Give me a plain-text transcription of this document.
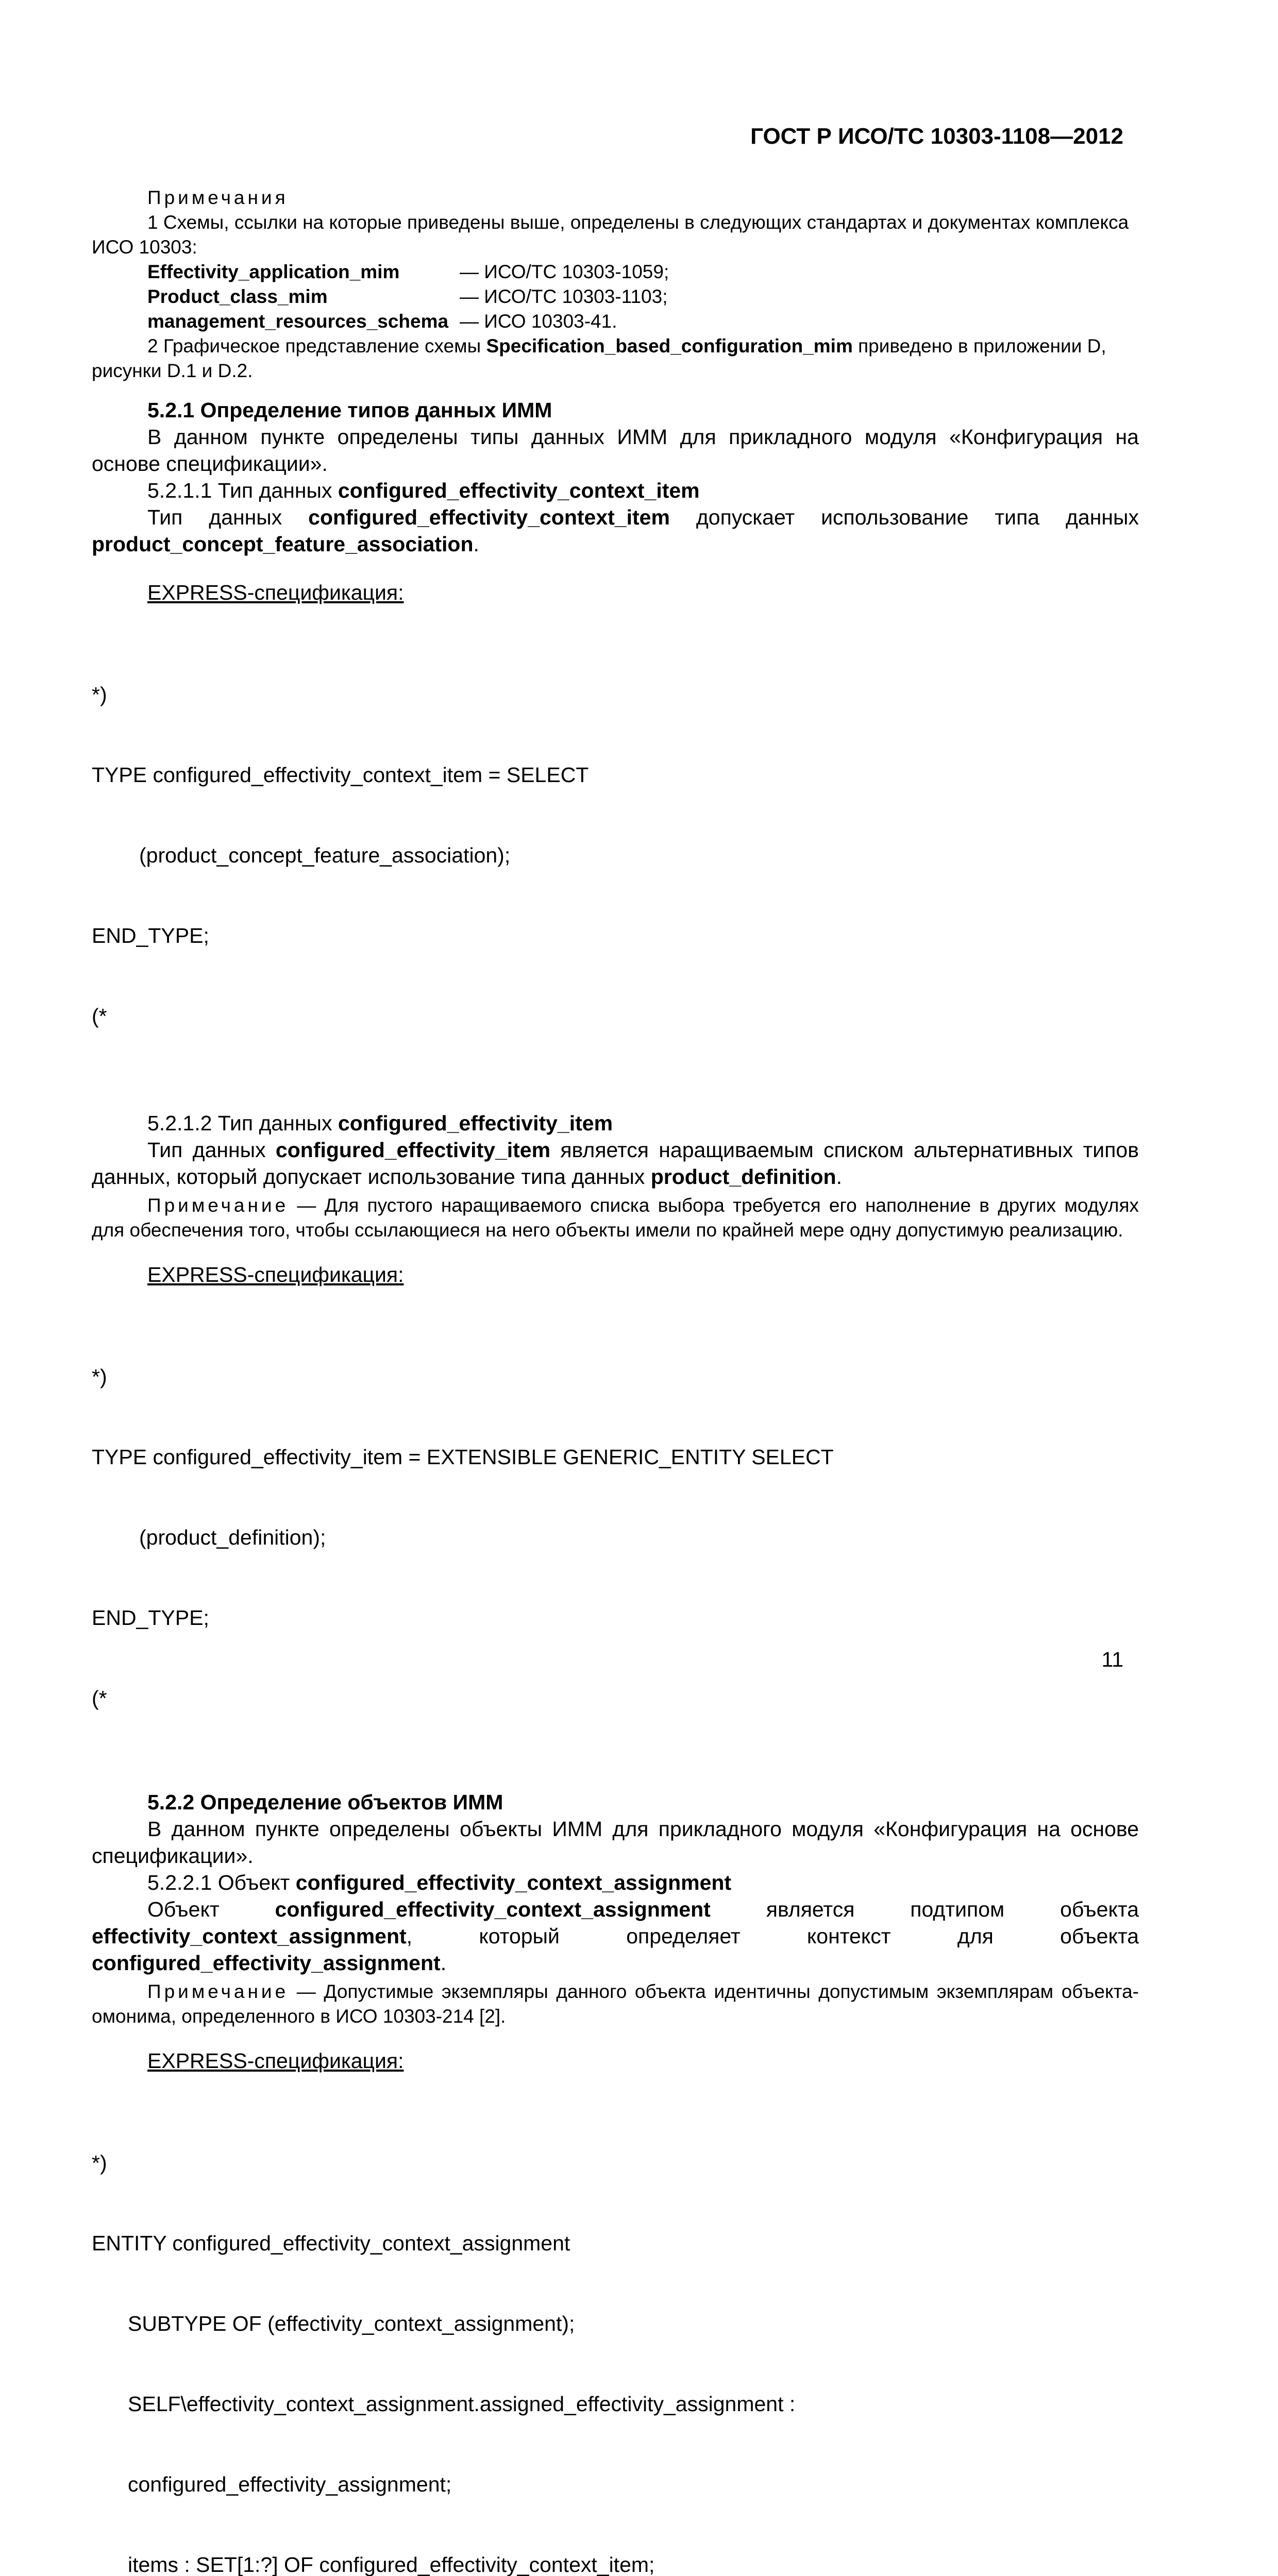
ГОСТ Р ИСО/ТС 10303-1108—2012

Примечания

1 Схемы, ссылки на которые приведены выше, определены в следующих стандартах и документах комплекса ИСО 10303:

Effectivity_application_mim	— ИСО/ТС 10303-1059;
Product_class_mim	— ИСО/ТС 10303-1103;
management_resources_schema	— ИСО 10303-41.

2 Графическое представление схемы Specification_based_configuration_mim приведено в приложении D, рисунки D.1 и D.2.

5.2.1 Определение типов данных ИММ

В данном пункте определены типы данных ИММ для прикладного модуля «Конфигурация на основе спецификации».

5.2.1.1 Тип данных configured_effectivity_context_item

Тип данных configured_effectivity_context_item допускает использование типа данных product_concept_feature_association.

EXPRESS-спецификация:

*)

TYPE configured_effectivity_context_item = SELECT

(product_concept_feature_association);

END_TYPE;

(*

5.2.1.2 Тип данных configured_effectivity_item

Тип данных configured_effectivity_item является наращиваемым списком альтернативных типов данных, который допускает использование типа данных product_definition.

Примечание — Для пустого наращиваемого списка выбора требуется его наполнение в других модулях для обеспечения того, чтобы ссылающиеся на него объекты имели по крайней мере одну допустимую реализацию.

EXPRESS-спецификация:

*)

TYPE configured_effectivity_item = EXTENSIBLE GENERIC_ENTITY SELECT

(product_definition);

END_TYPE;

(*

5.2.2 Определение объектов ИММ

В данном пункте определены объекты ИММ для прикладного модуля «Конфигурация на основе спецификации».

5.2.2.1 Объект configured_effectivity_context_assignment

Объект configured_effectivity_context_assignment является подтипом объекта effectivity_context_assignment, который определяет контекст для объекта configured_effectivity_assignment.

Примечание — Допустимые экземпляры данного объекта идентичны допустимым экземплярам объекта-омонима, определенного в ИСО 10303-214 [2].

EXPRESS-спецификация:

*)

ENTITY configured_effectivity_context_assignment

SUBTYPE OF (effectivity_context_assignment);

SELF\effectivity_context_assignment.assigned_effectivity_assignment :

configured_effectivity_assignment;

items : SET[1:?] OF configured_effectivity_context_item;

11
